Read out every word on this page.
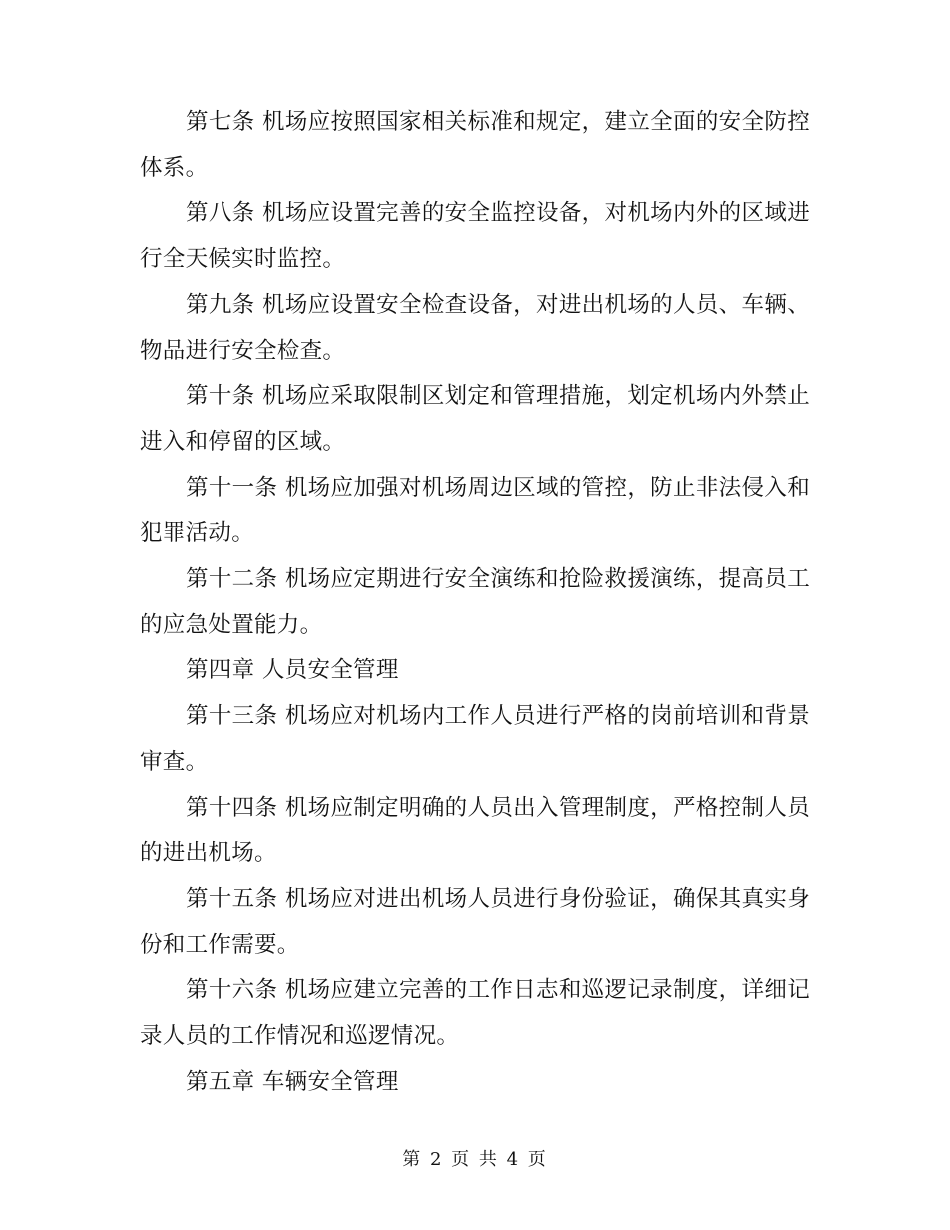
第七条 机场应按照国家相关标准和规定，建立全面的安全防控体系。

第八条 机场应设置完善的安全监控设备，对机场内外的区域进行全天候实时监控。

第九条 机场应设置安全检查设备，对进出机场的人员、车辆、物品进行安全检查。

第十条 机场应采取限制区划定和管理措施，划定机场内外禁止进入和停留的区域。

第十一条 机场应加强对机场周边区域的管控，防止非法侵入和犯罪活动。

第十二条 机场应定期进行安全演练和抢险救援演练，提高员工的应急处置能力。

第四章 人员安全管理

第十三条 机场应对机场内工作人员进行严格的岗前培训和背景审查。

第十四条 机场应制定明确的人员出入管理制度，严格控制人员的进出机场。

第十五条 机场应对进出机场人员进行身份验证，确保其真实身份和工作需要。

第十六条 机场应建立完善的工作日志和巡逻记录制度，详细记录人员的工作情况和巡逻情况。

第五章 车辆安全管理

第 2 页 共 4 页
